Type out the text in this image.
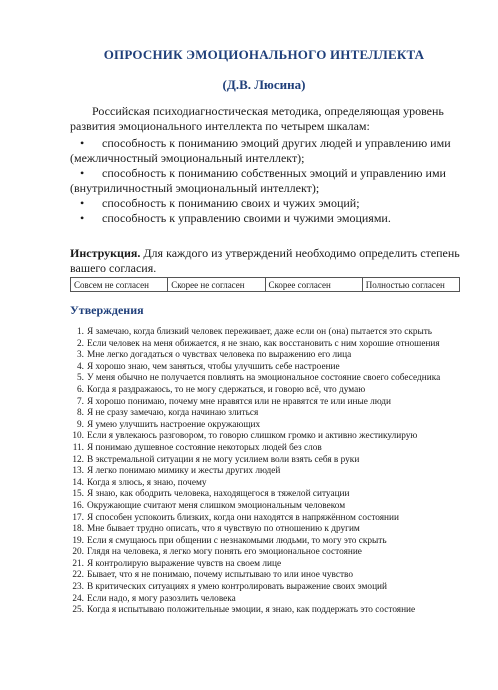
ОПРОСНИК ЭМОЦИОНАЛЬНОГО ИНТЕЛЛЕКТА
(Д.В. Люсина)

Российская психодиагностическая методика, определяющая уровень развития эмоционального интеллекта по четырем шкалам:

• способность к пониманию эмоций других людей и управлению ими
(межличностный эмоциональный интеллект);
• способность к пониманию собственных эмоций и управлению ими
(внутриличностный эмоциональный интеллект);
• способность к пониманию своих и чужих эмоций;
• способность к управлению своими и чужими эмоциями.

Инструкция. Для каждого из утверждений необходимо определить степень вашего согласия.

Совсем не согласен	Скорее не согласен	Скорее согласен	Полностью согласен
Утверждения
1. Я замечаю, когда близкий человек переживает, даже если он (она) пытается это скрыть
2. Если человек на меня обижается, я не знаю, как восстановить с ним хорошие отношения
3. Мне легко догадаться о чувствах человека по выражению его лица
4. Я хорошо знаю, чем заняться, чтобы улучшить себе настроение
5. У меня обычно не получается повлиять на эмоциональное состояние своего собеседника
6. Когда я раздражаюсь, то не могу сдержаться, и говорю всё, что думаю
7. Я хорошо понимаю, почему мне нравятся или не нравятся те или иные люди
8. Я не сразу замечаю, когда начинаю злиться
9. Я умею улучшить настроение окружающих
10. Если я увлекаюсь разговором, то говорю слишком громко и активно жестикулирую
11. Я понимаю душевное состояние некоторых людей без слов
12. В экстремальной ситуации я не могу усилием воли взять себя в руки
13. Я легко понимаю мимику и жесты других людей
14. Когда я злюсь, я знаю, почему
15. Я знаю, как ободрить человека, находящегося в тяжелой ситуации
16. Окружающие считают меня слишком эмоциональным человеком
17. Я способен успокоить близких, когда они находятся в напряжённом состоянии
18. Мне бывает трудно описать, что я чувствую по отношению к другим
19. Если я смущаюсь при общении с незнакомыми людьми, то могу это скрыть
20. Глядя на человека, я легко могу понять его эмоциональное состояние
21. Я контролирую выражение чувств на своем лице
22. Бывает, что я не понимаю, почему испытываю то или иное чувство
23. В критических ситуациях я умею контролировать выражение своих эмоций
24. Если надо, я могу разозлить человека
25. Когда я испытываю положительные эмоции, я знаю, как поддержать это состояние
